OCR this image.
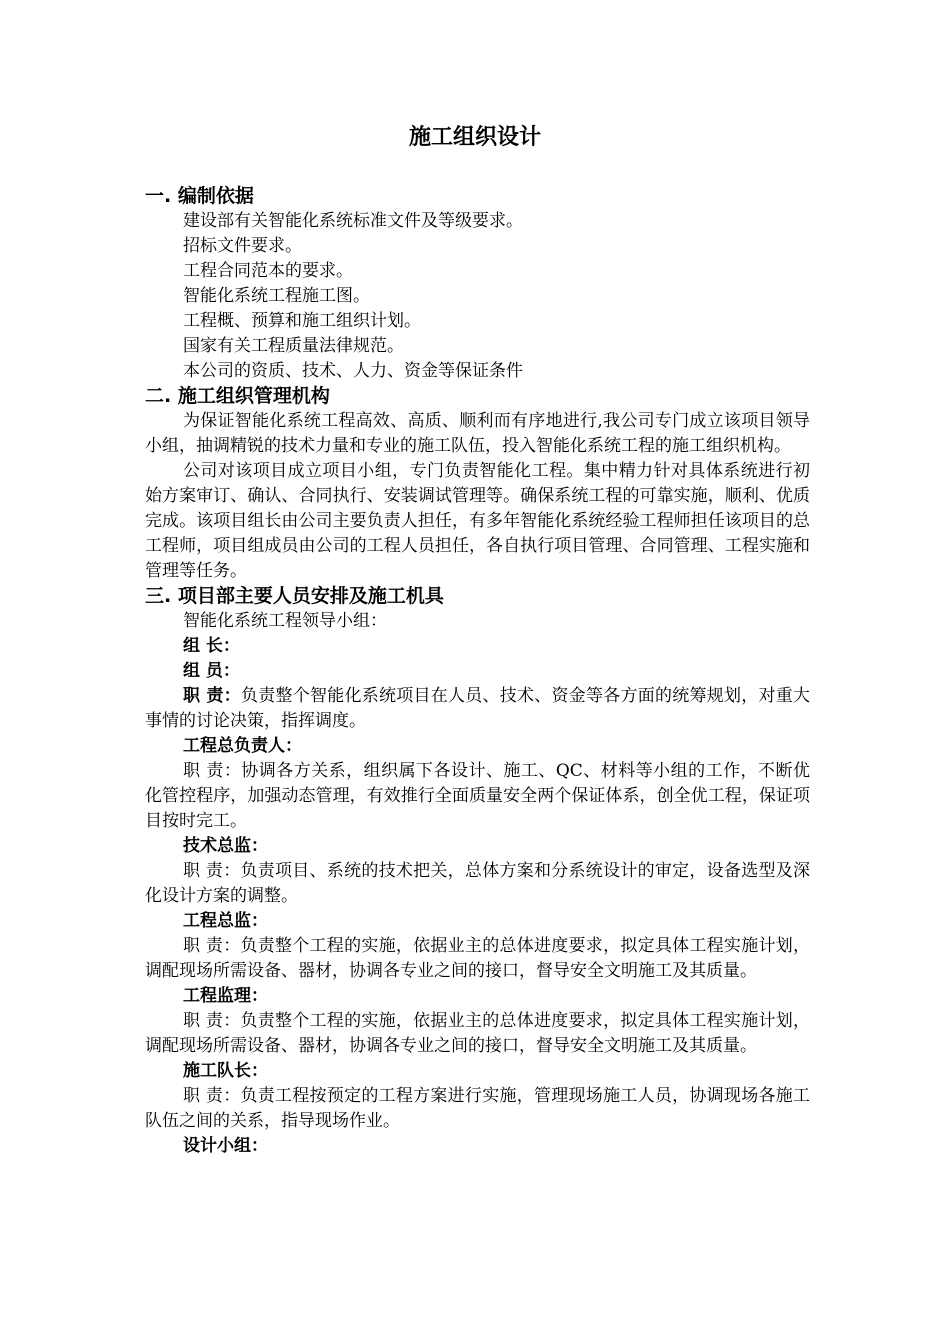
施工组织设计

一. 编制依据

建设部有关智能化系统标准文件及等级要求。

招标文件要求。

工程合同范本的要求。

智能化系统工程施工图。

工程概、预算和施工组织计划。

国家有关工程质量法律规范。

本公司的资质、技术、人力、资金等保证条件

二. 施工组织管理机构

为保证智能化系统工程高效、高质、顺利而有序地进行,我公司专门成立该项目领导小组，抽调精锐的技术力量和专业的施工队伍，投入智能化系统工程的施工组织机构。

公司对该项目成立项目小组，专门负责智能化工程。集中精力针对具体系统进行初始方案审订、确认、合同执行、安装调试管理等。确保系统工程的可靠实施，顺利、优质完成。该项目组长由公司主要负责人担任，有多年智能化系统经验工程师担任该项目的总工程师，项目组成员由公司的工程人员担任，各自执行项目管理、合同管理、工程实施和管理等任务。

三. 项目部主要人员安排及施工机具

智能化系统工程领导小组：

组 长：

组 员：

职 责：负责整个智能化系统项目在人员、技术、资金等各方面的统筹规划，对重大事情的讨论决策，指挥调度。

工程总负责人：

职 责：协调各方关系，组织属下各设计、施工、QC、材料等小组的工作，不断优化管控程序，加强动态管理，有效推行全面质量安全两个保证体系，创全优工程，保证项目按时完工。

技术总监：

职 责：负责项目、系统的技术把关，总体方案和分系统设计的审定，设备选型及深化设计方案的调整。

工程总监：

职 责：负责整个工程的实施，依据业主的总体进度要求，拟定具体工程实施计划，调配现场所需设备、器材，协调各专业之间的接口，督导安全文明施工及其质量。

工程监理：

职 责：负责整个工程的实施，依据业主的总体进度要求，拟定具体工程实施计划，调配现场所需设备、器材，协调各专业之间的接口，督导安全文明施工及其质量。

施工队长：

职 责：负责工程按预定的工程方案进行实施，管理现场施工人员，协调现场各施工队伍之间的关系，指导现场作业。

设计小组：
